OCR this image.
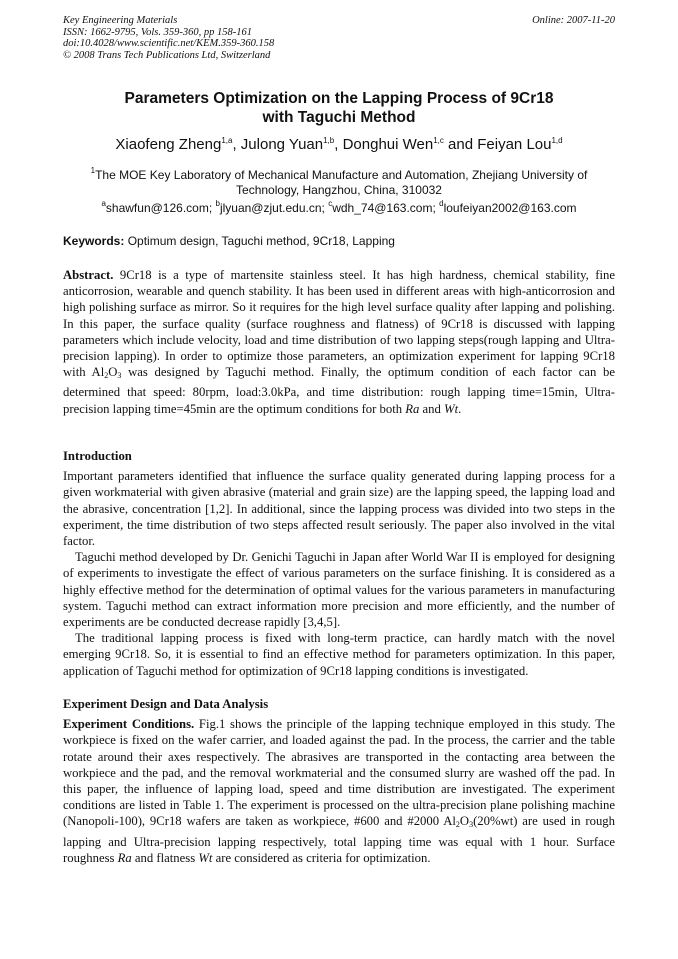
Key Engineering Materials
ISSN: 1662-9795, Vols. 359-360, pp 158-161
doi:10.4028/www.scientific.net/KEM.359-360.158
© 2008 Trans Tech Publications Ltd, Switzerland
Online: 2007-11-20
Parameters Optimization on the Lapping Process of 9Cr18
with Taguchi Method
Xiaofeng Zheng$^{1,a}$, Julong Yuan$^{1,b}$, Donghui Wen$^{1,c}$ and Feiyan Lou$^{1,d}$
$^1$The MOE Key Laboratory of Mechanical Manufacture and Automation, Zhejiang University of Technology, Hangzhou, China, 310032
$^a$shawfun@126.com; $^b$jlyuan@zjut.edu.cn; $^c$wdh_74@163.com; $^d$loufeiyan2002@163.com
Keywords: Optimum design, Taguchi method, 9Cr18, Lapping

Abstract. 9Cr18 is a type of martensite stainless steel. It has high hardness, chemical stability, fine anticorrosion, wearable and quench stability. It has been used in different areas with high-anticorrosion and high polishing surface as mirror. So it requires for the high level surface quality after lapping and polishing. In this paper, the surface quality (surface roughness and flatness) of 9Cr18 is discussed with lapping parameters which include velocity, load and time distribution of two lapping steps(rough lapping and Ultra-precision lapping). In order to optimize those parameters, an optimization experiment for lapping 9Cr18 with $Al_2O_3$ was designed by Taguchi method. Finally, the optimum condition of each factor can be determined that speed: 80rpm, load:3.0kPa, and time distribution: rough lapping time=15min, Ultra-precision lapping time=45min are the optimum conditions for both Ra and Wt.

Introduction

Important parameters identified that influence the surface quality generated during lapping process for a given workmaterial with given abrasive (material and grain size) are the lapping speed, the lapping load and the abrasive, concentration [1,2]. In additional, since the lapping process was divided into two steps in the experiment, the time distribution of two steps affected result seriously. The paper also involved in the vital factor.

Taguchi method developed by Dr. Genichi Taguchi in Japan after World War II is employed for designing of experiments to investigate the effect of various parameters on the surface finishing. It is considered as a highly effective method for the determination of optimal values for the various parameters in manufacturing system. Taguchi method can extract information more precision and more efficiently, and the number of experiments are be conducted decrease rapidly [3,4,5].

The traditional lapping process is fixed with long-term practice, can hardly match with the novel emerging 9Cr18. So, it is essential to find an effective method for parameters optimization. In this paper, application of Taguchi method for optimization of 9Cr18 lapping conditions is investigated.

Experiment Design and Data Analysis

Experiment Conditions. Fig.1 shows the principle of the lapping technique employed in this study. The workpiece is fixed on the wafer carrier, and loaded against the pad. In the process, the carrier and the table rotate around their axes respectively. The abrasives are transported in the contacting area between the workpiece and the pad, and the removal workmaterial and the consumed slurry are washed off the pad. In this paper, the influence of lapping load, speed and time distribution are investigated. The experiment conditions are listed in Table 1. The experiment is processed on the ultra-precision plane polishing machine (Nanopoli-100), 9Cr18 wafers are taken as workpiece, #600 and #2000 $Al_2O_3(20\%wt)$ are used in rough lapping and Ultra-precision lapping respectively, total lapping time was equal with 1 hour. Surface roughness Ra and flatness Wt are considered as criteria for optimization.
